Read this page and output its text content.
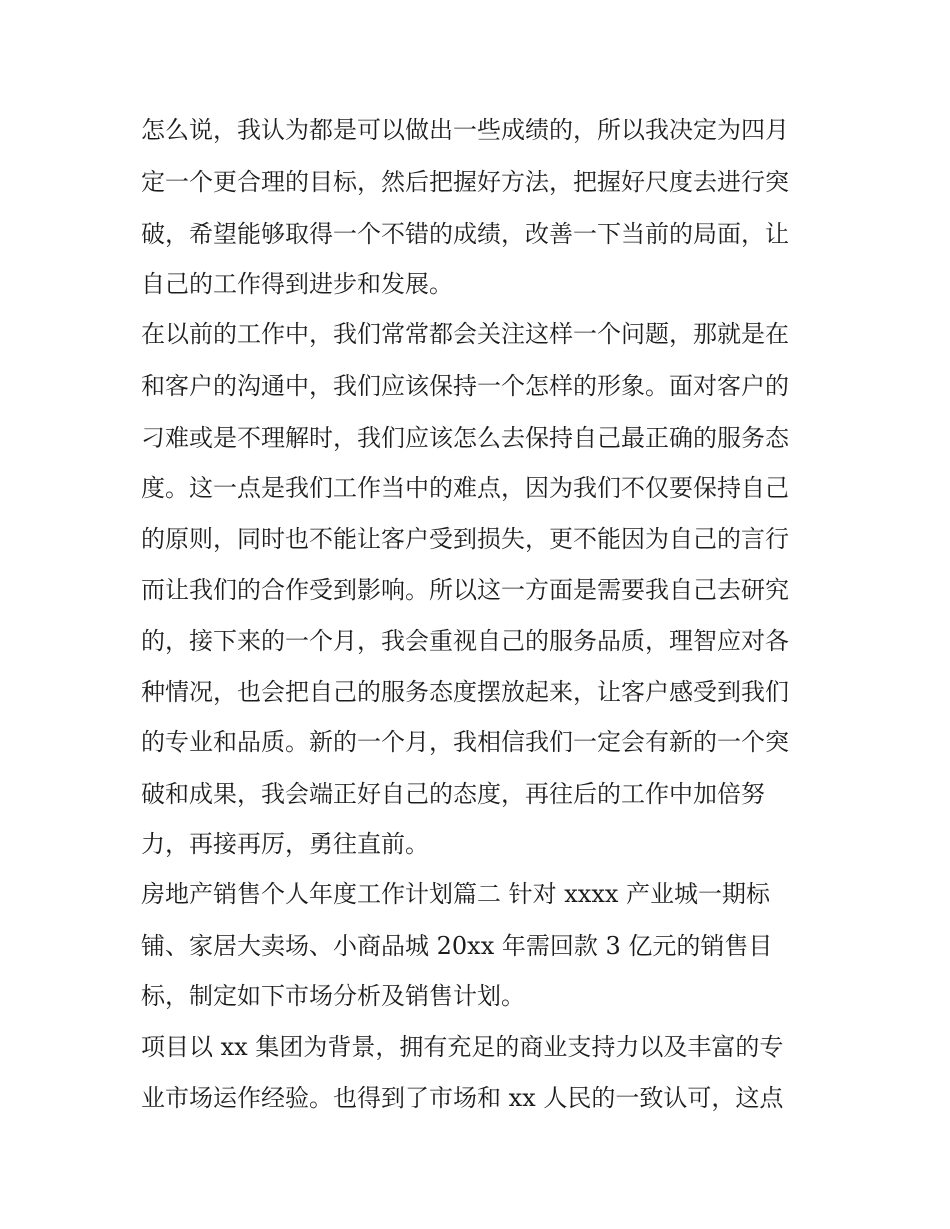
怎么说，我认为都是可以做出一些成绩的，所以我决定为四月

定一个更合理的目标，然后把握好方法，把握好尺度去进行突

破，希望能够取得一个不错的成绩，改善一下当前的局面，让

自己的工作得到进步和发展。

在以前的工作中，我们常常都会关注这样一个问题，那就是在

和客户的沟通中，我们应该保持一个怎样的形象。面对客户的

刁难或是不理解时，我们应该怎么去保持自己最正确的服务态

度。这一点是我们工作当中的难点，因为我们不仅要保持自己

的原则，同时也不能让客户受到损失，更不能因为自己的言行

而让我们的合作受到影响。所以这一方面是需要我自己去研究

的，接下来的一个月，我会重视自己的服务品质，理智应对各

种情况，也会把自己的服务态度摆放起来，让客户感受到我们

的专业和品质。新的一个月，我相信我们一定会有新的一个突

破和成果，我会端正好自己的态度，再往后的工作中加倍努

力，再接再厉，勇往直前。

房地产销售个人年度工作计划篇二 针对 xxxx 产业城一期标

铺、家居大卖场、小商品城 20xx 年需回款 3 亿元的销售目

标，制定如下市场分析及销售计划。

项目以 xx 集团为背景，拥有充足的商业支持力以及丰富的专

业市场运作经验。也得到了市场和 xx 人民的一致认可，这点
